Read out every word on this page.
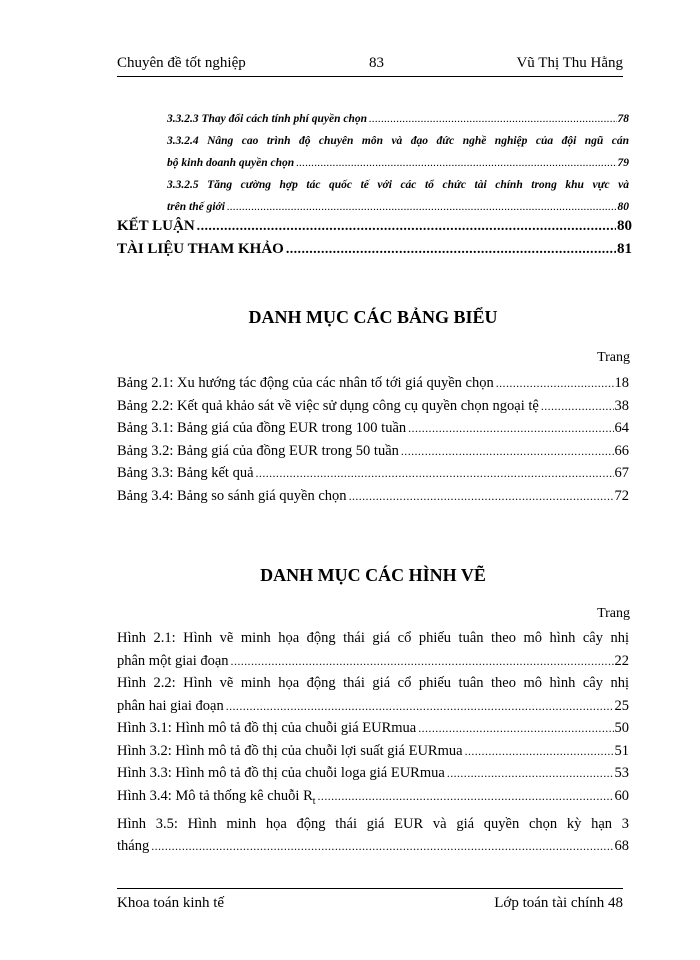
Chuyên đề tốt nghiệp	83	Vũ Thị Thu Hằng
3.3.2.3 Thay đổi cách tính phí quyền chọn .....	78
3.3.2.4 Nâng cao trình độ chuyên môn và đạo đức nghề nghiệp của đội ngũ cán
bộ kinh doanh quyền chọn .....	79
3.3.2.5 Tăng cường hợp tác quốc tế với các tổ chức tài chính trong khu vực và
trên thế giới .....	80
KẾT LUẬN .....	80
TÀI LIỆU THAM KHẢO .....	81
DANH MỤC CÁC BẢNG BIỂU
Trang
Bảng 2.1: Xu hướng tác động của các nhân tố tới giá quyền chọn .....	18
Bảng 2.2: Kết quả khảo sát về việc sử dụng công cụ quyền chọn ngoại tệ .....	38
Bảng 3.1: Bảng giá của đồng EUR trong 100 tuần .....	64
Bảng 3.2: Bảng giá của đồng EUR trong 50 tuần .....	66
Bảng 3.3: Bảng kết quả .....	67
Bảng 3.4: Bảng so sánh giá quyền chọn .....	72
DANH MỤC CÁC HÌNH VẼ
Trang
Hình 2.1: Hình vẽ minh họa động thái giá cổ phiếu tuân theo mô hình cây nhị
phân một giai đoạn .....	22
Hình 2.2: Hình vẽ minh họa động thái giá cổ phiếu tuân theo mô hình cây nhị
phân hai giai đoạn .....	25
Hình 3.1: Hình mô tả đồ thị của chuỗi giá EURmua .....	50
Hình 3.2: Hình mô tả đồ thị của chuỗi lợi suất giá EURmua .....	51
Hình 3.3: Hình mô tả đồ thị của chuỗi loga giá EURmua .....	53
Hình 3.4: Mô tả thống kê chuỗi $R_t$ .....	60
Hình 3.5: Hình minh họa động thái giá EUR và giá quyền chọn kỳ hạn 3
tháng .....	68
Khoa toán kinh tế	Lớp toán tài chính 48
